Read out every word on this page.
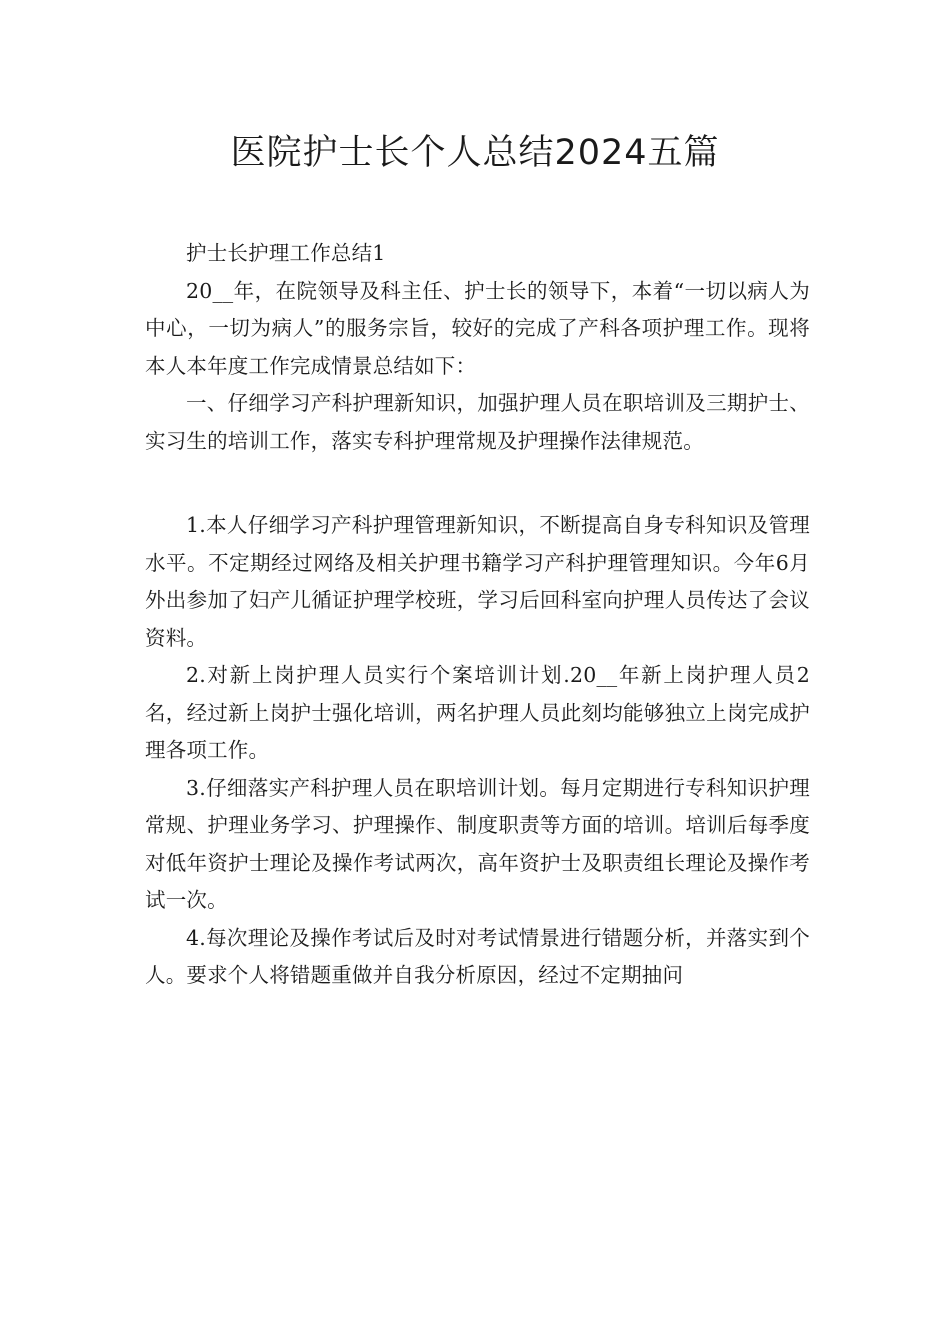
医院护士长个人总结2024五篇

护士长护理工作总结1

20__年，在院领导及科主任、护士长的领导下，本着“一切以病人为中心，一切为病人”的服务宗旨，较好的完成了产科各项护理工作。现将本人本年度工作完成情景总结如下：

一、仔细学习产科护理新知识，加强护理人员在职培训及三期护士、实习生的培训工作，落实专科护理常规及护理操作法律规范。

1.本人仔细学习产科护理管理新知识，不断提高自身专科知识及管理水平。不定期经过网络及相关护理书籍学习产科护理管理知识。今年6月外出参加了妇产儿循证护理学校班，学习后回科室向护理人员传达了会议资料。

2.对新上岗护理人员实行个案培训计划.20__年新上岗护理人员2名，经过新上岗护士强化培训，两名护理人员此刻均能够独立上岗完成护理各项工作。

3.仔细落实产科护理人员在职培训计划。每月定期进行专科知识护理常规、护理业务学习、护理操作、制度职责等方面的培训。培训后每季度对低年资护士理论及操作考试两次，高年资护士及职责组长理论及操作考试一次。

4.每次理论及操作考试后及时对考试情景进行错题分析，并落实到个人。要求个人将错题重做并自我分析原因，经过不定期抽问
